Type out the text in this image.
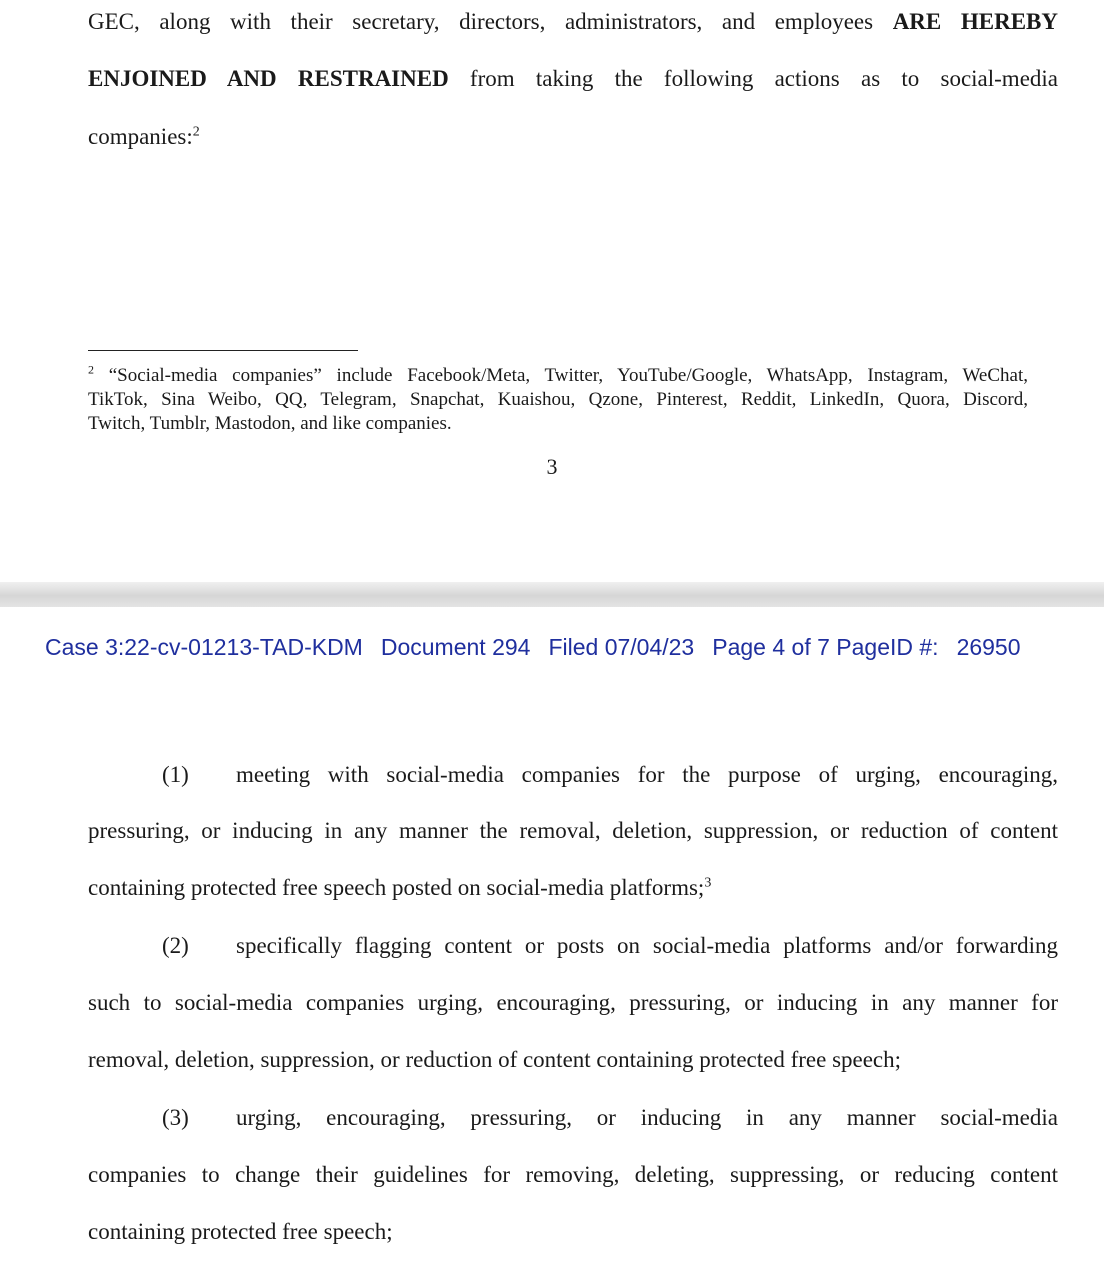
GEC, along with their secretary, directors, administrators, and employees ARE HEREBY
ENJOINED AND RESTRAINED from taking the following actions as to social-media
companies:$^2$
$^2$ “Social-media companies” include Facebook/Meta, Twitter, YouTube/Google, WhatsApp, Instagram, WeChat,
TikTok, Sina Weibo, QQ, Telegram, Snapchat, Kuaishou, Qzone, Pinterest, Reddit, LinkedIn, Quora, Discord,
Twitch, Tumblr, Mastodon, and like companies.
3
Case 3:22-cv-01213-TAD-KDM Document 294 Filed 07/04/23 Page 4 of 7 PageID #: 26950
(1)	meeting with social-media companies for the purpose of urging, encouraging,
pressuring, or inducing in any manner the removal, deletion, suppression, or reduction of content
containing protected free speech posted on social-media platforms;$^3$
(2)	specifically flagging content or posts on social-media platforms and/or forwarding
such to social-media companies urging, encouraging, pressuring, or inducing in any manner for
removal, deletion, suppression, or reduction of content containing protected free speech;
(3)	urging, encouraging, pressuring, or inducing in any manner social-media
companies to change their guidelines for removing, deleting, suppressing, or reducing content
containing protected free speech;
